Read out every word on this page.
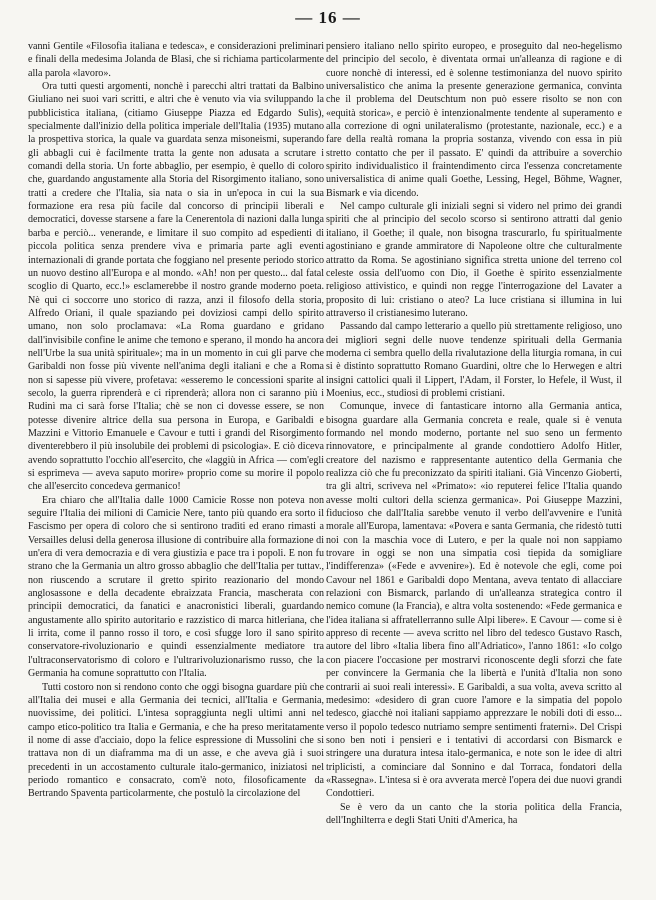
— 16 —

vanni Gentile «Filosofia italiana e tedesca», e considerazioni preliminari e finali della medesima Jolanda de Blasi, che si richiama particolarmente alla parola «lavoro».

Ora tutti questi argomenti, nonchè i parecchi altri trattati da Balbino Giuliano nei suoi vari scritti, e altri che è venuto via via sviluppando la pubblicistica italiana, (citiamo Giuseppe Piazza ed Edgardo Sulis), specialmente dall'inizio della politica imperiale dell'Italia (1935) mutano la prospettiva storica, la quale va guardata senza misoneismi, superando gli abbagli cui è facilmente tratta la gente non adusata a scrutare i comandi della storia. Un forte abbaglio, per esempio, è quello di coloro che, guardando angustamente alla Storia del Risorgimento italiano, sono tratti a credere che l'Italia, sia nata o sia in un'epoca in cui la sua formazione era resa più facile dal concorso di principii liberali e democratici, dovesse starsene a fare la Cenerentola di nazioni dalla lunga barba e perciò... venerande, e limitare il suo compito ad espedienti di piccola politica senza prendere viva e primaria parte agli eventi internazionali di grande portata che foggiano nel presente periodo storico un nuovo destino all'Europa e al mondo. «Ah! non per questo... dal fatal scoglio di Quarto, ecc.!» esclamerebbe il nostro grande moderno poeta. Nè qui ci soccorre uno storico di razza, anzi il filosofo della storia, Alfredo Oriani, il quale spaziando pei doviziosi campi dello spirito umano, non solo proclamava: «La Roma guardano e gridano dall'invisibile confine le anime che temono e sperano, il mondo ha ancora nell'Urbe la sua unità spirituale»; ma in un momento in cui gli parve che Garibaldi non fosse più vivente nell'anima degli italiani e che a Roma non si sapesse più vivere, profetava: «esseremo le concessioni sparite al secolo, la guerra riprenderà e ci riprenderà; allora non ci saranno più i Rudinì ma ci sarà forse l'Italia; chè se non ci dovesse essere, se non potesse divenire altrice della sua persona in Europa, e Garibaldi e Mazzini e Vittorio Emanuele e Cavour e tutti i grandi del Risorgimento diventerebbero il più insolubile dei problemi di psicologia». E ciò diceva avendo soprattutto l'occhio all'esercito, che «laggiù in Africa — com'egli si esprimeva — aveva saputo morire» proprio come su morire il popolo che all'esercito concedeva germanico!

Era chiaro che all'Italia dalle 1000 Camicie Rosse non poteva non seguire l'Italia dei milioni di Camicie Nere, tanto più quando era sorto il Fascismo per opera di coloro che si sentirono tradìti ed erano rimasti a Versailles delusi della generosa illusione di contribuire alla formazione di un'era di vera democrazia e di vera giustizia e pace tra i popoli. E non fu strano che la Germania un altro grosso abbaglio che dell'Italia per tuttav., non riuscendo a scrutare il gretto spirito reazionario del mondo anglosassone e della decadente ebraizzata Francia, mascherata con principii democratici, da fanatici e anacronistici liberali, guardando angustamente allo spirito autoritario e razzistico di marca hitleriana, che li irrita, come il panno rosso il toro, e così sfugge loro il sano spirito conservatore-rivoluzionario e quindi essenzialmente mediatore tra l'ultraconservatorismo di coloro e l'ultrarivoluzionarismo russo, che la Germania ha comune soprattutto con l'Italia.

Tutti costoro non si rendono conto che oggi bisogna guardare più che all'Italia dei musei e alla Germania dei tecnici, all'Italia e Germania, nuovissime, dei politici. L'intesa sopraggiunta negli ultimi anni nel campo etico-politico tra Italia e Germania, e che ha preso meritatamente il nome di asse d'acciaio, dopo la felice espressione di Mussolini che si trattava non di un diaframma ma di un asse, e che aveva già i suoi precedenti in un accostamento culturale italo-germanico, iniziatosi nel periodo romantico e consacrato, com'è noto, filosoficamente da Bertrando Spaventa particolarmente, che postulò la circolazione del

pensiero italiano nello spirito europeo, e proseguito dal neo-hegelismo del principio del secolo, è diventata ormai un'alleanza di ragione e di cuore nonchè di interessi, ed è solenne testimonianza del nuovo spirito universalistico che anima la presente generazione germanica, convinta che il problema del Deutschtum non può essere risolto se non con «equità storica», e perciò è intenzionalmente tendente al superamento e alla correzione di ogni unilateralismo (protestante, nazionale, ecc.) e a fare della realtà romana la propria sostanza, vivendo con essa in più stretto contatto che per il passato. E' quindi da attribuire a soverchio spirito individualistico il fraintendimento circa l'essenza concretamente universalistica di anime quali Goethe, Lessing, Hegel, Böhme, Wagner, Bismark e via dicendo.

Nel campo culturale gli iniziali segni si videro nel primo dei grandi spiriti che al principio del secolo scorso si sentirono attratti dal genio italiano, il Goethe; il quale, non bisogna trascurarlo, fu spiritualmente agostiniano e grande ammiratore di Napoleone oltre che culturalmente attratto da Roma. Se agostiniano significa stretta unione del terreno col celeste ossia dell'uomo con Dio, il Goethe è spirito essenzialmente religioso attivistico, e quindi non regge l'interrogazione del Lavater a proposito di lui: cristiano o ateo? La luce cristiana si illumina in lui attraverso il cristianesimo luterano.

Passando dal campo letterario a quello più strettamente religioso, uno dei migliori segni delle nuove tendenze spirituali della Germania moderna ci sembra quello della rivalutazione della liturgia romana, in cui si è distinto soprattutto Romano Guardini, oltre che lo Herwegen e altri insigni cattolici quali il Lippert, l'Adam, il Forster, lo Hefele, il Wust, il Moenius, ecc., studiosi di problemi cristiani.

Comunque, invece di fantasticare intorno alla Germania antica, bisogna guardare alla Germania concreta e reale, quale si è venuta formando nel mondo moderno, portante nel suo seno un fermento rinnovatore, e principalmente al grande condottiero Adolfo Hitler, creatore del nazismo e rappresentante autentico della Germania che realizza ciò che fu preconizzato da spiriti italiani. Già Vincenzo Gioberti, tra gli altri, scriveva nel «Primato»: «io reputerei felice l'Italia quando avesse molti cultori della scienza germanica». Poi Giuseppe Mazzini, fiducioso che dall'Italia sarebbe venuto il verbo dell'avvenire e l'unità morale all'Europa, lamentava: «Povera e santa Germania, che ridestò tutti noi con la maschia voce di Lutero, e per la quale noi non sappiamo trovare in oggi se non una simpatia così tiepida da somigliare l'indifferenza» («Fede e avvenire»). Ed è notevole che egli, come poi Cavour nel 1861 e Garibaldi dopo Mentana, aveva tentato di allacciare relazioni con Bismarck, parlando di un'alleanza strategica contro il nemico comune (la Francia), e altra volta sostenendo: «Fede germanica e l'idea italiana si affratellerranno sulle Alpi libere». E Cavour — come si è appreso di recente — aveva scritto nel libro del tedesco Gustavo Rasch, autore del libro «Italia libera fino all'Adriatico», l'anno 1861: «Io colgo con piacere l'occasione per mostrarvi riconoscente degli sforzi che fate per convincere la Germania che la libertà e l'unità d'Italia non sono contrarii ai suoi reali interessi». E Garibaldi, a sua volta, aveva scritto al medesimo: «desidero di gran cuore l'amore e la simpatia del popolo tedesco, giacchè noi italiani sappiamo apprezzare le nobili doti di esso... verso il popolo tedesco nutriamo sempre sentimenti fraterni». Del Crispi sono ben noti i pensieri e i tentativi di accordarsi con Bismarck e stringere una duratura intesa italo-germanica, e note son le idee di altri triplicisti, a cominciare dal Sonnino e dal Torraca, fondatori della «Rassegna». L'intesa si è ora avverata mercè l'opera dei due nuovi grandi Condottieri.

Se è vero da un canto che la storia politica della Francia, dell'Inghilterra e degli Stati Uniti d'America, ha
